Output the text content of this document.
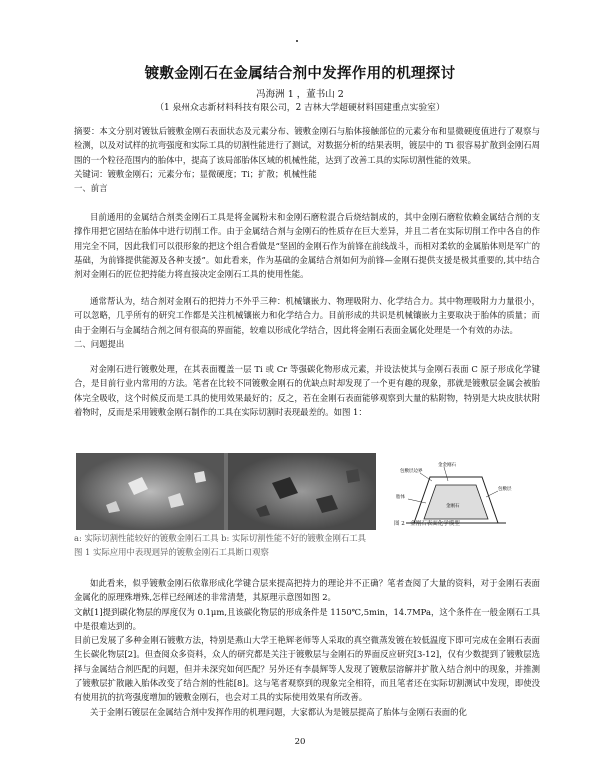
镀敷金刚石在金属结合剂中发挥作用的机理探讨
冯海洲 1 ，董书山 2
（1 泉州众志新材料科技有限公司，2 吉林大学超硬材料国建重点实验室）

摘要：本文分别对镀钛后镀敷金刚石表面状态及元素分布、镀敷金刚石与胎体接触部位的元素分布和显微硬度值进行了观察与检测，以及对试样的抗弯强度和实际工具的切割性能进行了测试，对数据分析的结果表明，镀层中的 Ti 很容易扩散到金刚石周围的一个粒径范围内的胎体中，提高了该局部胎体区域的机械性能，达到了改善工具的实际切割性能的效果。

关键词：镀敷金刚石；元素分布；显微硬度；Ti；扩散；机械性能

一、前言

目前通用的金属结合剂类金刚石工具是将金属粉末和金刚石磨粒混合后烧结制成的，其中金刚石磨粒依赖金属结合剂的支撑作用把它固结在胎体中进行切削工作。由于金属结合剂与金刚石的性质存在巨大差异，并且二者在实际切削工作中各自的作用完全不同，因此我们可以很形象的把这个组合看做是“坚固的金刚石作为前锋在前线战斗，而相对柔软的金属胎体则是军广的基础，为前锋提供能源及各种支援”。如此看来，作为基础的金属结合剂如何为前锋—金刚石提供支援是极其重要的,其中结合剂对金刚石的匠位把持能力将直接决定金刚石工具的使用性能。

通常帮认为，结合剂对金刚石的把持力不外乎三种：机械镶嵌力、物理吸附力、化学结合力。其中物理吸附力力量很小，可以忽略，几乎所有的研究工作都是关注机械镶嵌力和化学结合力。目前形成的共识是机械镶嵌力主要取决于胎体的质量；而由于金刚石与金属结合剂之间有很高的界面能，较难以形成化学结合，因此将金刚石表面金属化处理是一个有效的办法。

二、问题提出

对金刚石进行镀敷处理，在其表面覆盖一层 Ti 或 Cr 等强碳化物形成元素，并设法使其与金刚石表面 C 原子形成化学键合，是目前行业内常用的方法。笔者在比较不同镀敷金刚石的优缺点时却发现了一个更有趣的现象，那就是镀敷层金属会被胎体完全吸收，这个时候反而是工具的使用效果最好的；反之，若在金刚石表面能够观察到大量的粘附物，特别是大块皮肤状附着物时，反而是采用镀敷金刚石制作的工具在实际切割时表现最差的。如图 1：

金金刚石
包敷层边界
包敷层
胎体
金刚石
图 2　金刚石表面化学模型
a: 实际切割性能较好的镀敷金刚石工具 b: 实际切割性能不好的镀敷金刚石工具
图 1 实际应用中表现迥异的镀敷金刚石工具断口观察

如此看来，似乎镀敷金刚石依靠形成化学键合层来提高把持力的理论并不正确？笔者查阅了大量的资料，对于金刚石表面金属化的原理殊增殊,怎样已经阐述的非常清楚，其原理示意图如图 2。

文献[1]提到碳化物层的厚度仅为 0.1μm,且该碳化物层的形成条件是 1150℃,5min，14.7MPa，这个条件在一般金刚石工具中是很难达到的。

目前已发展了多种金刚石镀敷方法，特别是燕山大学王艳辉老师等人采取的真空微蒸发镀在较低温度下即可完成在金刚石表面生长碳化物层[2]。但查阅众多资料，众人的研究都是关注于镀敷层与金刚石的界面反应研究[3-12]，仅有少数提到了镀敷层选择与金属结合剂匹配的问题，但并未深究如何匹配？另外还有李晨辉等人发现了镀敷层溶解并扩散入结合剂中的现象，并推测了镀敷层扩散融入胎体改变了结合剂的性能[8]。这与笔者观察到的现象完全相符，而且笔者还在实际切割测试中发现，即使没有使用抗的抗弯强度增加的镀敷金刚石，也会对工具的实际使用效果有所改善。

关于金刚石镀层在金属结合剂中发挥作用的机理问题，大家都认为是镀层提高了胎体与金刚石表面的化

20
